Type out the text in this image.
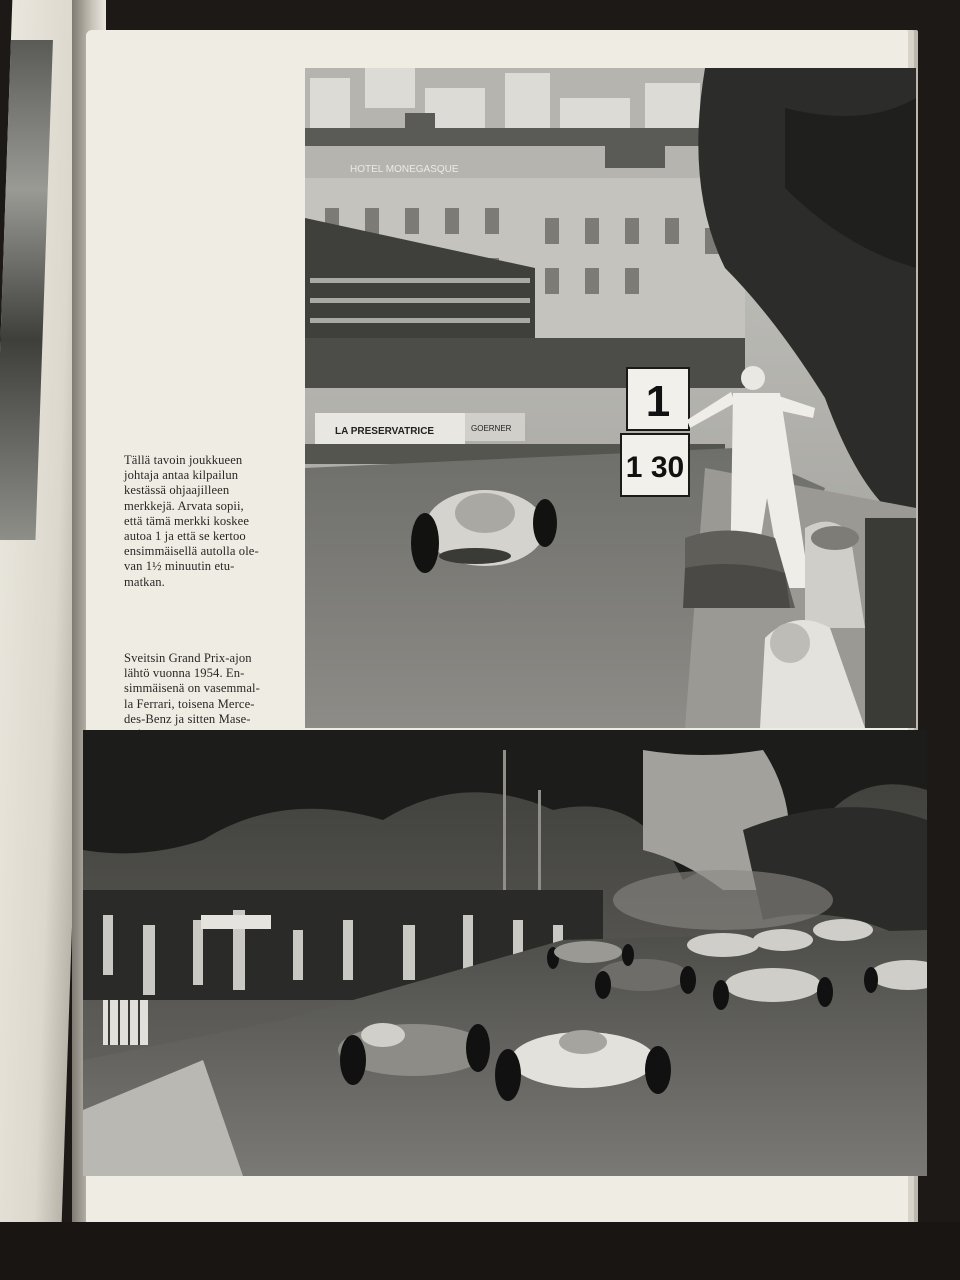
HOTEL MONEGASQUE
LA PRESERVATRICE	GOERNER
1
1 30

Tällä tavoin joukkueen
johtaja antaa kilpailun
kestässä ohjaajilleen
merkkejä. Arvata sopii,
että tämä merkki koskee
autoa 1 ja että se kertoo
ensimmäisellä autolla ole-
van 1½ minuutin etu-
matkan.

Sveitsin Grand Prix-ajon
lähtö vuonna 1954. En-
simmäisenä on vasemmal-
la Ferrari, toisena Merce-
des-Benz ja sitten Mase-
